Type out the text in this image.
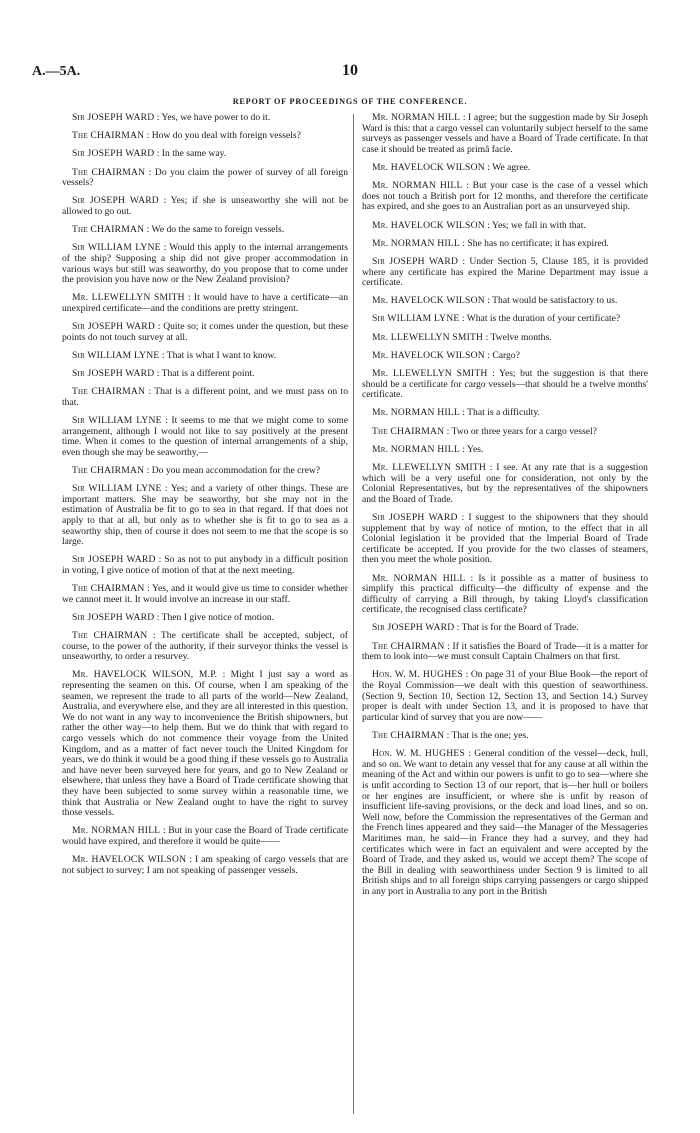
A.—5A.	10
REPORT OF PROCEEDINGS OF THE CONFERENCE.

Sir JOSEPH WARD : Yes, we have power to do it.

The CHAIRMAN : How do you deal with foreign vessels?

Sir JOSEPH WARD : In the same way.

The CHAIRMAN : Do you claim the power of survey of all foreign vessels?

Sir JOSEPH WARD : Yes; if she is unseaworthy she will not be allowed to go out.

The CHAIRMAN : We do the same to foreign vessels.

Sir WILLIAM LYNE : Would this apply to the internal arrangements of the ship? Supposing a ship did not give proper accommodation in various ways but still was seaworthy, do you propose that to come under the provision you have now or the New Zealand provision?

Mr. LLEWELLYN SMITH : It would have to have a certificate—an unexpired certificate—and the conditions are pretty stringent.

Sir JOSEPH WARD : Quite so; it comes under the question, but these points do not touch survey at all.

Sir WILLIAM LYNE : That is what I want to know.

Sir JOSEPH WARD : That is a different point.

The CHAIRMAN : That is a different point, and we must pass on to that.

Sir WILLIAM LYNE : It seems to me that we might come to some arrangement, although I would not like to say positively at the present time. When it comes to the question of internal arrangements of a ship, even though she may be seaworthy,—

The CHAIRMAN : Do you mean accommodation for the crew?

Sir WILLIAM LYNE : Yes; and a variety of other things. These are important matters. She may be seaworthy, but she may not in the estimation of Australia be fit to go to sea in that regard. If that does not apply to that at all, but only as to whether she is fit to go to sea as a seaworthy ship, then of course it does not seem to me that the scope is so large.

Sir JOSEPH WARD : So as not to put anybody in a difficult position in voting, I give notice of motion of that at the next meeting.

The CHAIRMAN : Yes, and it would give us time to consider whether we cannot meet it. It would involve an increase in our staff.

Sir JOSEPH WARD : Then I give notice of motion.

The CHAIRMAN : The certificate shall be accepted, subject, of course, to the power of the authority, if their surveyor thinks the vessel is unseaworthy, to order a resurvey.

Mr. HAVELOCK WILSON, M.P. : Might I just say a word as representing the seamen on this. Of course, when I am speaking of the seamen, we represent the trade to all parts of the world—New Zealand, Australia, and everywhere else, and they are all interested in this question. We do not want in any way to inconvenience the British shipowners, but rather the other way—to help them. But we do think that with regard to cargo vessels which do not commence their voyage from the United Kingdom, and as a matter of fact never touch the United Kingdom for years, we do think it would be a good thing if these vessels go to Australia and have never been surveyed here for years, and go to New Zealand or elsewhere, that unless they have a Board of Trade certificate showing that they have been subjected to some survey within a reasonable time, we think that Australia or New Zealand ought to have the right to survey those vessels.

Mr. NORMAN HILL : But in your case the Board of Trade certificate would have expired, and therefore it would be quite——

Mr. HAVELOCK WILSON : I am speaking of cargo vessels that are not subject to survey; I am not speaking of passenger vessels.

Mr. NORMAN HILL : I agree; but the suggestion made by Sir Joseph Ward is this: that a cargo vessel can voluntarily subject herself to the same surveys as passenger vessels and have a Board of Trade certificate. In that case it should be treated as primâ facie.

Mr. HAVELOCK WILSON : We agree.

Mr. NORMAN HILL : But your case is the case of a vessel which does not touch a British port for 12 months, and therefore the certificate has expired, and she goes to an Australian port as an unsurveyed ship.

Mr. HAVELOCK WILSON : Yes; we fall in with that.

Mr. NORMAN HILL : She has no certificate; it has expired.

Sir JOSEPH WARD : Under Section 5, Clause 185, it is provided where any certificate has expired the Marine Department may issue a certificate.

Mr. HAVELOCK WILSON : That would be satisfactory to us.

Sir WILLIAM LYNE : What is the duration of your certificate?

Mr. LLEWELLYN SMITH : Twelve months.

Mr. HAVELOCK WILSON : Cargo?

Mr. LLEWELLYN SMITH : Yes; but the suggestion is that there should be a certificate for cargo vessels—that should be a twelve months' certificate.

Mr. NORMAN HILL : That is a difficulty.

The CHAIRMAN : Two or three years for a cargo vessel?

Mr. NORMAN HILL : Yes.

Mr. LLEWELLYN SMITH : I see. At any rate that is a suggestion which will be a very useful one for consideration, not only by the Colonial Representatives, but by the representatives of the shipowners and the Board of Trade.

Sir JOSEPH WARD : I suggest to the shipowners that they should supplement that by way of notice of motion, to the effect that in all Colonial legislation it be provided that the Imperial Board of Trade certificate be accepted. If you provide for the two classes of steamers, then you meet the whole position.

Mr. NORMAN HILL : Is it possible as a matter of business to simplify this practical difficulty—the difficulty of expense and the difficulty of carrying a Bill through, by taking Lloyd's classification certificate, the recognised class certificate?

Sir JOSEPH WARD : That is for the Board of Trade.

The CHAIRMAN : If it satisfies the Board of Trade—it is a matter for them to look into—we must consult Captain Chalmers on that first.

Hon. W. M. HUGHES : On page 31 of your Blue Book—the report of the Royal Commission—we dealt with this question of seaworthiness. (Section 9, Section 10, Section 12, Section 13, and Section 14.) Survey proper is dealt with under Section 13, and it is proposed to have that particular kind of survey that you are now——

The CHAIRMAN : That is the one; yes.

Hon. W. M. HUGHES : General condition of the vessel—deck, hull, and so on. We want to detain any vessel that for any cause at all within the meaning of the Act and within our powers is unfit to go to sea—where she is unfit according to Section 13 of our report, that is—her hull or boilers or her engines are insufficient, or where she is unfit by reason of insufficient life-saving provisions, or the deck and load lines, and so on. Well now, before the Commission the representatives of the German and the French lines appeared and they said—the Manager of the Messageries Maritimes man, he said—in France they had a survey, and they had certificates which were in fact an equivalent and were accepted by the Board of Trade, and they asked us, would we accept them? The scope of the Bill in dealing with seaworthiness under Section 9 is limited to all British ships and to all foreign ships carrying passengers or cargo shipped in any port in Australia to any port in the British
